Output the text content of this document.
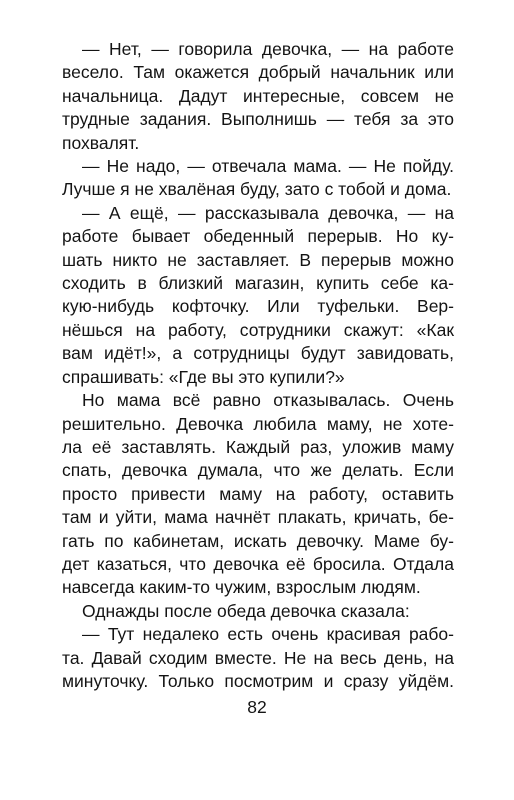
— Нет, — говорила девочка, — на работе
весело. Там окажется добрый начальник или
начальница. Дадут интересные, совсем не
трудные задания. Выполнишь — тебя за это
похвалят.
— Не надо, — отвечала мама. — Не пойду.
Лучше я не хвалёная буду, зато с тобой и дома.
— А ещё, — рассказывала девочка, — на
работе бывает обеденный перерыв. Но ку-
шать никто не заставляет. В перерыв можно
сходить в близкий магазин, купить себе ка-
кую-нибудь кофточку. Или туфельки. Вер-
нёшься на работу, сотрудники скажут: «Как
вам идёт!», а сотрудницы будут завидовать,
спрашивать: «Где вы это купили?»
Но мама всё равно отказывалась. Очень
решительно. Девочка любила маму, не хоте-
ла её заставлять. Каждый раз, уложив маму
спать, девочка думала, что же делать. Если
просто привести маму на работу, оставить
там и уйти, мама начнёт плакать, кричать, бе-
гать по кабинетам, искать девочку. Маме бу-
дет казаться, что девочка её бросила. Отдала
навсегда каким-то чужим, взрослым людям.
Однажды после обеда девочка сказала:
— Тут недалеко есть очень красивая рабо-
та. Давай сходим вместе. Не на весь день, на
минуточку. Только посмотрим и сразу уйдём.
82
